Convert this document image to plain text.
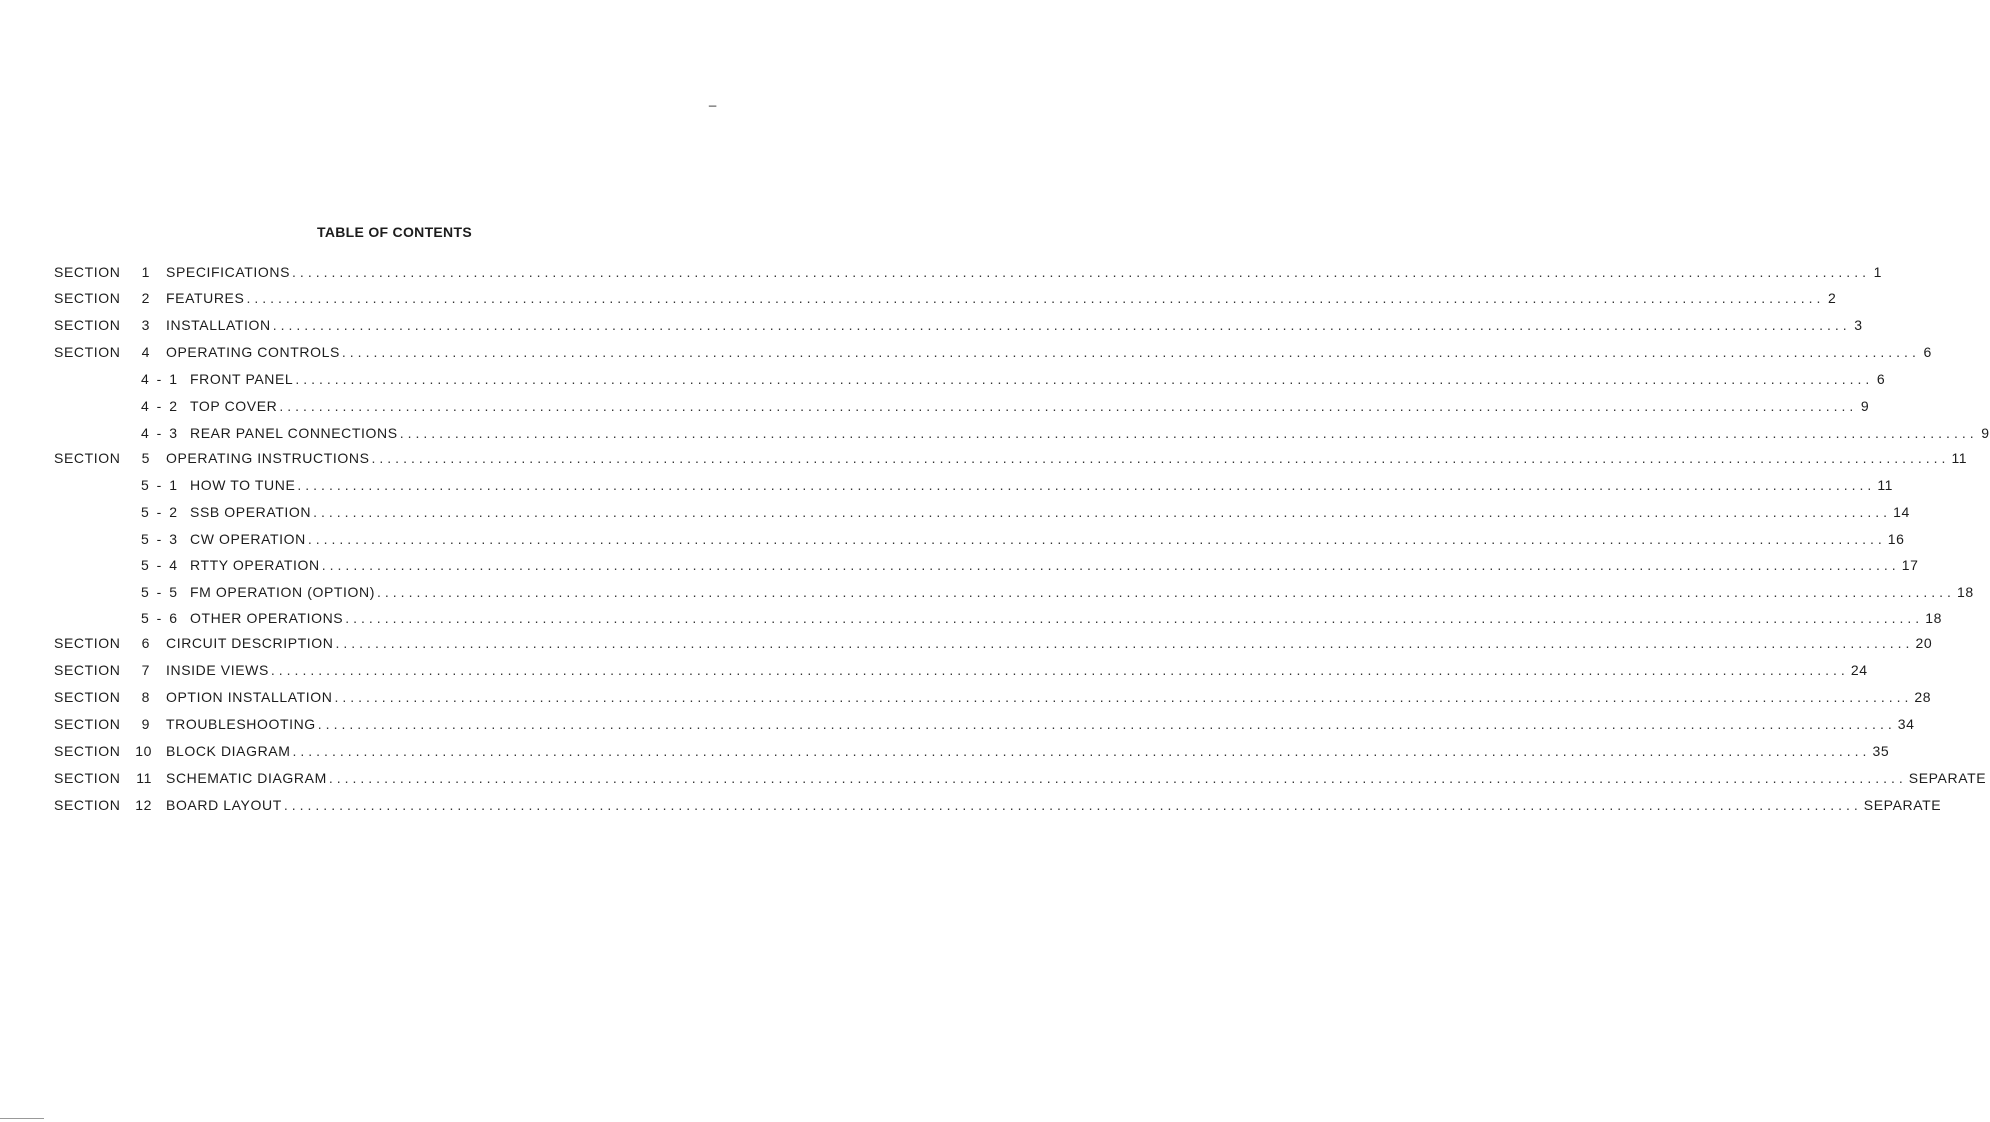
_
TABLE OF CONTENTS
SECTION	1 SPECIFICATIONS ........................................................................................................................................................................................................ 1
SECTION	2 FEATURES ........................................................................................................................................................................................................ 2
SECTION	3 INSTALLATION ........................................................................................................................................................................................................ 3
SECTION	4 OPERATING CONTROLS ........................................................................................................................................................................................................ 6
4 - 1 FRONT PANEL ........................................................................................................................................................................................................ 6
4 - 2 TOP COVER ........................................................................................................................................................................................................ 9
4 - 3 REAR PANEL CONNECTIONS ........................................................................................................................................................................................................ 9
SECTION	5 OPERATING INSTRUCTIONS ........................................................................................................................................................................................................ 11
5 - 1 HOW TO TUNE ........................................................................................................................................................................................................ 11
5 - 2 SSB OPERATION ........................................................................................................................................................................................................ 14
5 - 3 CW OPERATION ........................................................................................................................................................................................................ 16
5 - 4 RTTY OPERATION ........................................................................................................................................................................................................ 17
5 - 5 FM OPERATION (OPTION) ........................................................................................................................................................................................................ 18
5 - 6 OTHER OPERATIONS ........................................................................................................................................................................................................ 18
SECTION	6 CIRCUIT DESCRIPTION ........................................................................................................................................................................................................ 20
SECTION	7 INSIDE VIEWS ........................................................................................................................................................................................................ 24
SECTION	8 OPTION INSTALLATION ........................................................................................................................................................................................................ 28
SECTION	9 TROUBLESHOOTING ........................................................................................................................................................................................................ 34
SECTION	10 BLOCK DIAGRAM ........................................................................................................................................................................................................ 35
SECTION	11 SCHEMATIC DIAGRAM ........................................................................................................................................................................................................ SEPARATE
SECTION	12 BOARD LAYOUT ........................................................................................................................................................................................................ SEPARATE
